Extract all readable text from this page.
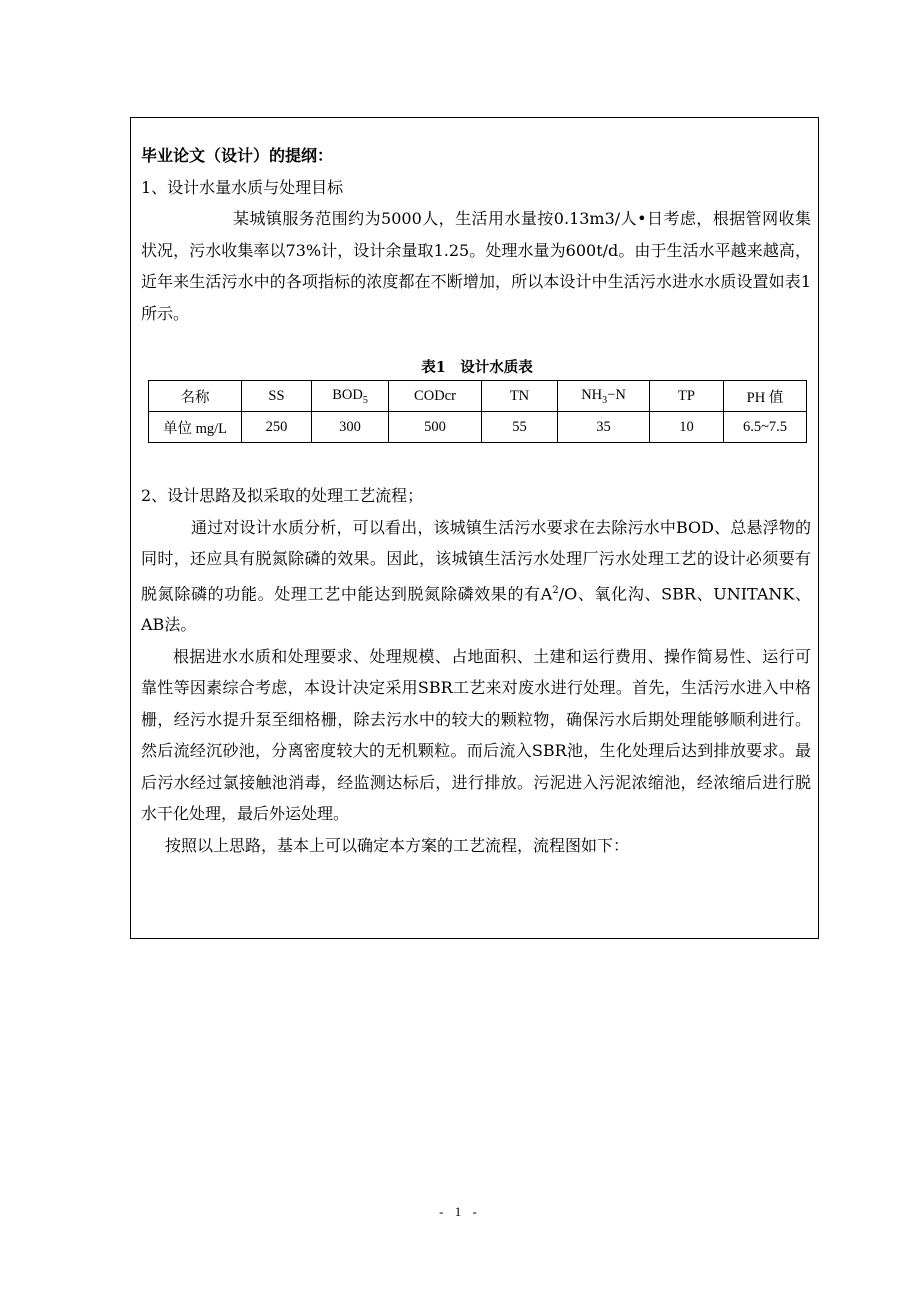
毕业论文（设计）的提纲：

1、设计水量水质与处理目标

某城镇服务范围约为5000人，生活用水量按0.13m3/人•日考虑，根据管网收集状况，污水收集率以73%计，设计余量取1.25。处理水量为600t/d。由于生活水平越来越高，近年来生活污水中的各项指标的浓度都在不断增加，所以本设计中生活污水进水水质设置如表1所示。

表1　设计水质表
名称	SS	$BOD_5$	CODcr	TN	$NH_3-N$	TP	PH 值
单位 mg/L	250	300	500	55	35	10	6.5~7.5

2、设计思路及拟采取的处理工艺流程；

通过对设计水质分析，可以看出，该城镇生活污水要求在去除污水中BOD、总悬浮物的同时，还应具有脱氮除磷的效果。因此，该城镇生活污水处理厂污水处理工艺的设计必须要有脱氮除磷的功能。处理工艺中能达到脱氮除磷效果的有$A^2/O$、氧化沟、SBR、UNITANK、AB法。

根据进水水质和处理要求、处理规模、占地面积、土建和运行费用、操作简易性、运行可靠性等因素综合考虑，本设计决定采用SBR工艺来对废水进行处理。首先，生活污水进入中格栅，经污水提升泵至细格栅，除去污水中的较大的颗粒物，确保污水后期处理能够顺利进行。然后流经沉砂池，分离密度较大的无机颗粒。而后流入SBR池，生化处理后达到排放要求。最后污水经过氯接触池消毒，经监测达标后，进行排放。污泥进入污泥浓缩池，经浓缩后进行脱水干化处理，最后外运处理。

按照以上思路，基本上可以确定本方案的工艺流程，流程图如下：

- 1 -
